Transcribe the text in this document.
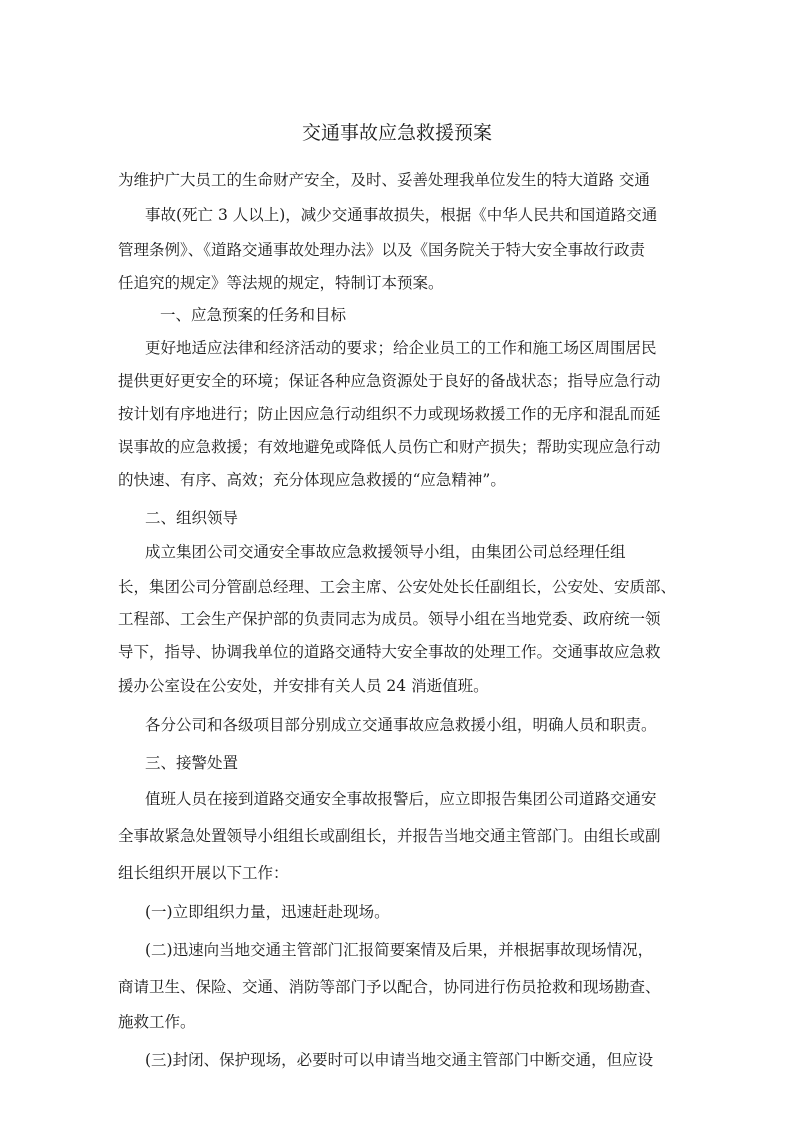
交通事故应急救援预案
为维护广大员工的生命财产安全，及时、妥善处理我单位发生的特大道路 交通
事故(死亡 3 人以上)，减少交通事故损失，根据《中华人民共和国道路交通
管理条例》、《道路交通事故处理办法》以及《国务院关于特大安全事故行政责
任追究的规定》等法规的规定，特制订本预案。
一、应急预案的任务和目标
更好地适应法律和经济活动的要求；给企业员工的工作和施工场区周围居民
提供更好更安全的环境；保证各种应急资源处于良好的备战状态；指导应急行动
按计划有序地进行；防止因应急行动组织不力或现场救援工作的无序和混乱而延
误事故的应急救援；有效地避免或降低人员伤亡和财产损失；帮助实现应急行动
的快速、有序、高效；充分体现应急救援的“应急精神”。
二、组织领导
成立集团公司交通安全事故应急救援领导小组，由集团公司总经理任组
长，集团公司分管副总经理、工会主席、公安处处长任副组长，公安处、安质部、
工程部、工会生产保护部的负责同志为成员。领导小组在当地党委、政府统一领
导下，指导、协调我单位的道路交通特大安全事故的处理工作。交通事故应急救
援办公室设在公安处，并安排有关人员 24 消逝值班。
各分公司和各级项目部分别成立交通事故应急救援小组，明确人员和职责。
三、接警处置
值班人员在接到道路交通安全事故报警后，应立即报告集团公司道路交通安
全事故紧急处置领导小组组长或副组长，并报告当地交通主管部门。由组长或副
组长组织开展以下工作：
(一)立即组织力量，迅速赶赴现场。
(二)迅速向当地交通主管部门汇报简要案情及后果，并根据事故现场情况，
商请卫生、保险、交通、消防等部门予以配合，协同进行伤员抢救和现场勘查、
施救工作。
(三)封闭、保护现场，必要时可以申请当地交通主管部门中断交通，但应设
